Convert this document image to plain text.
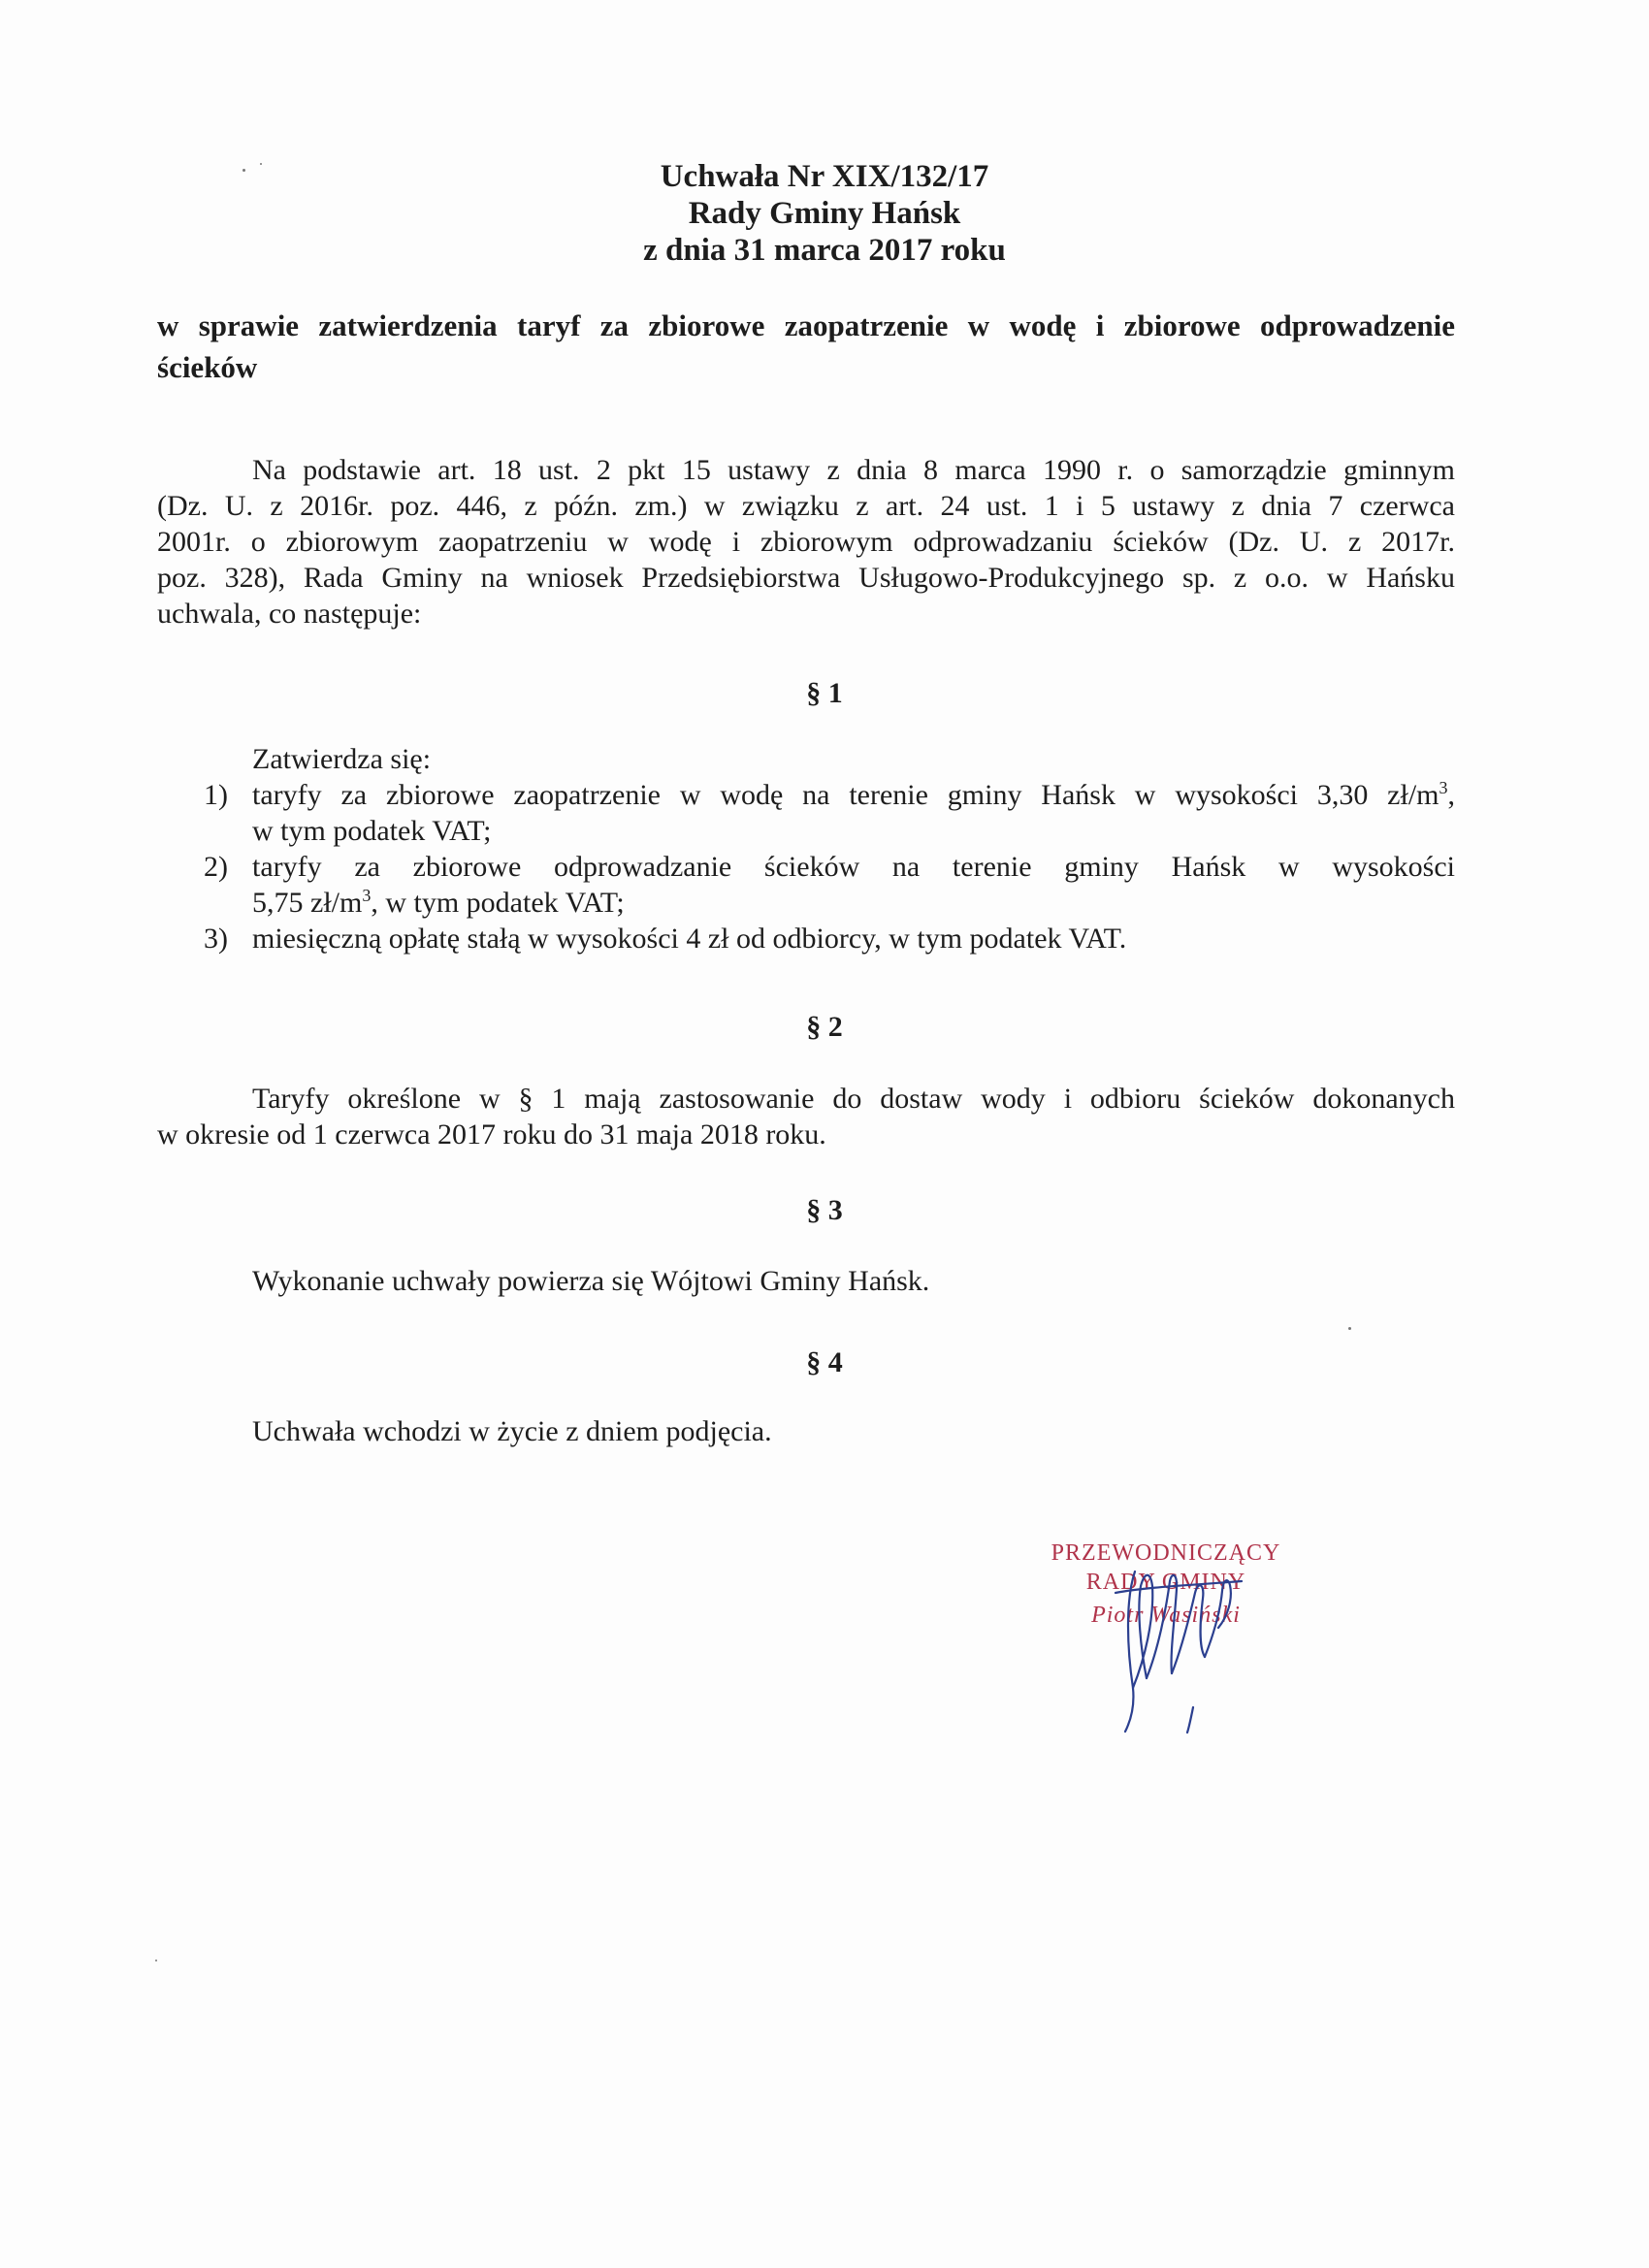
Uchwała Nr XIX/132/17
Rady Gminy Hańsk
z dnia 31 marca 2017 roku
w sprawie zatwierdzenia taryf za zbiorowe zaopatrzenie w wodę i zbiorowe odprowadzenie
ścieków
Na podstawie art. 18 ust. 2 pkt 15 ustawy z dnia 8 marca 1990 r. o samorządzie gminnym
(Dz. U. z 2016r. poz. 446, z późn. zm.) w związku z art. 24 ust. 1 i 5 ustawy z dnia 7 czerwca
2001r. o zbiorowym zaopatrzeniu w wodę i zbiorowym odprowadzaniu ścieków (Dz. U. z 2017r.
poz. 328), Rada Gminy na wniosek Przedsiębiorstwa Usługowo-Produkcyjnego sp. z o.o. w Hańsku
uchwala, co następuje:
§ 1
Zatwierdza się:
1) taryfy za zbiorowe zaopatrzenie w wodę na terenie gminy Hańsk w wysokości 3,30 $zł/m^3$,
w tym podatek VAT;
2) taryfy za zbiorowe odprowadzanie ścieków na terenie gminy Hańsk w wysokości
5,75 $zł/m^3$, w tym podatek VAT;
3) miesięczną opłatę stałą w wysokości 4 zł od odbiorcy, w tym podatek VAT.
§ 2
Taryfy określone w § 1 mają zastosowanie do dostaw wody i odbioru ścieków dokonanych
w okresie od 1 czerwca 2017 roku do 31 maja 2018 roku.
§ 3
Wykonanie uchwały powierza się Wójtowi Gminy Hańsk.
§ 4
Uchwała wchodzi w życie z dniem podjęcia.
PRZEWODNICZĄCY
RADY GMINY
Piotr Wasiński
